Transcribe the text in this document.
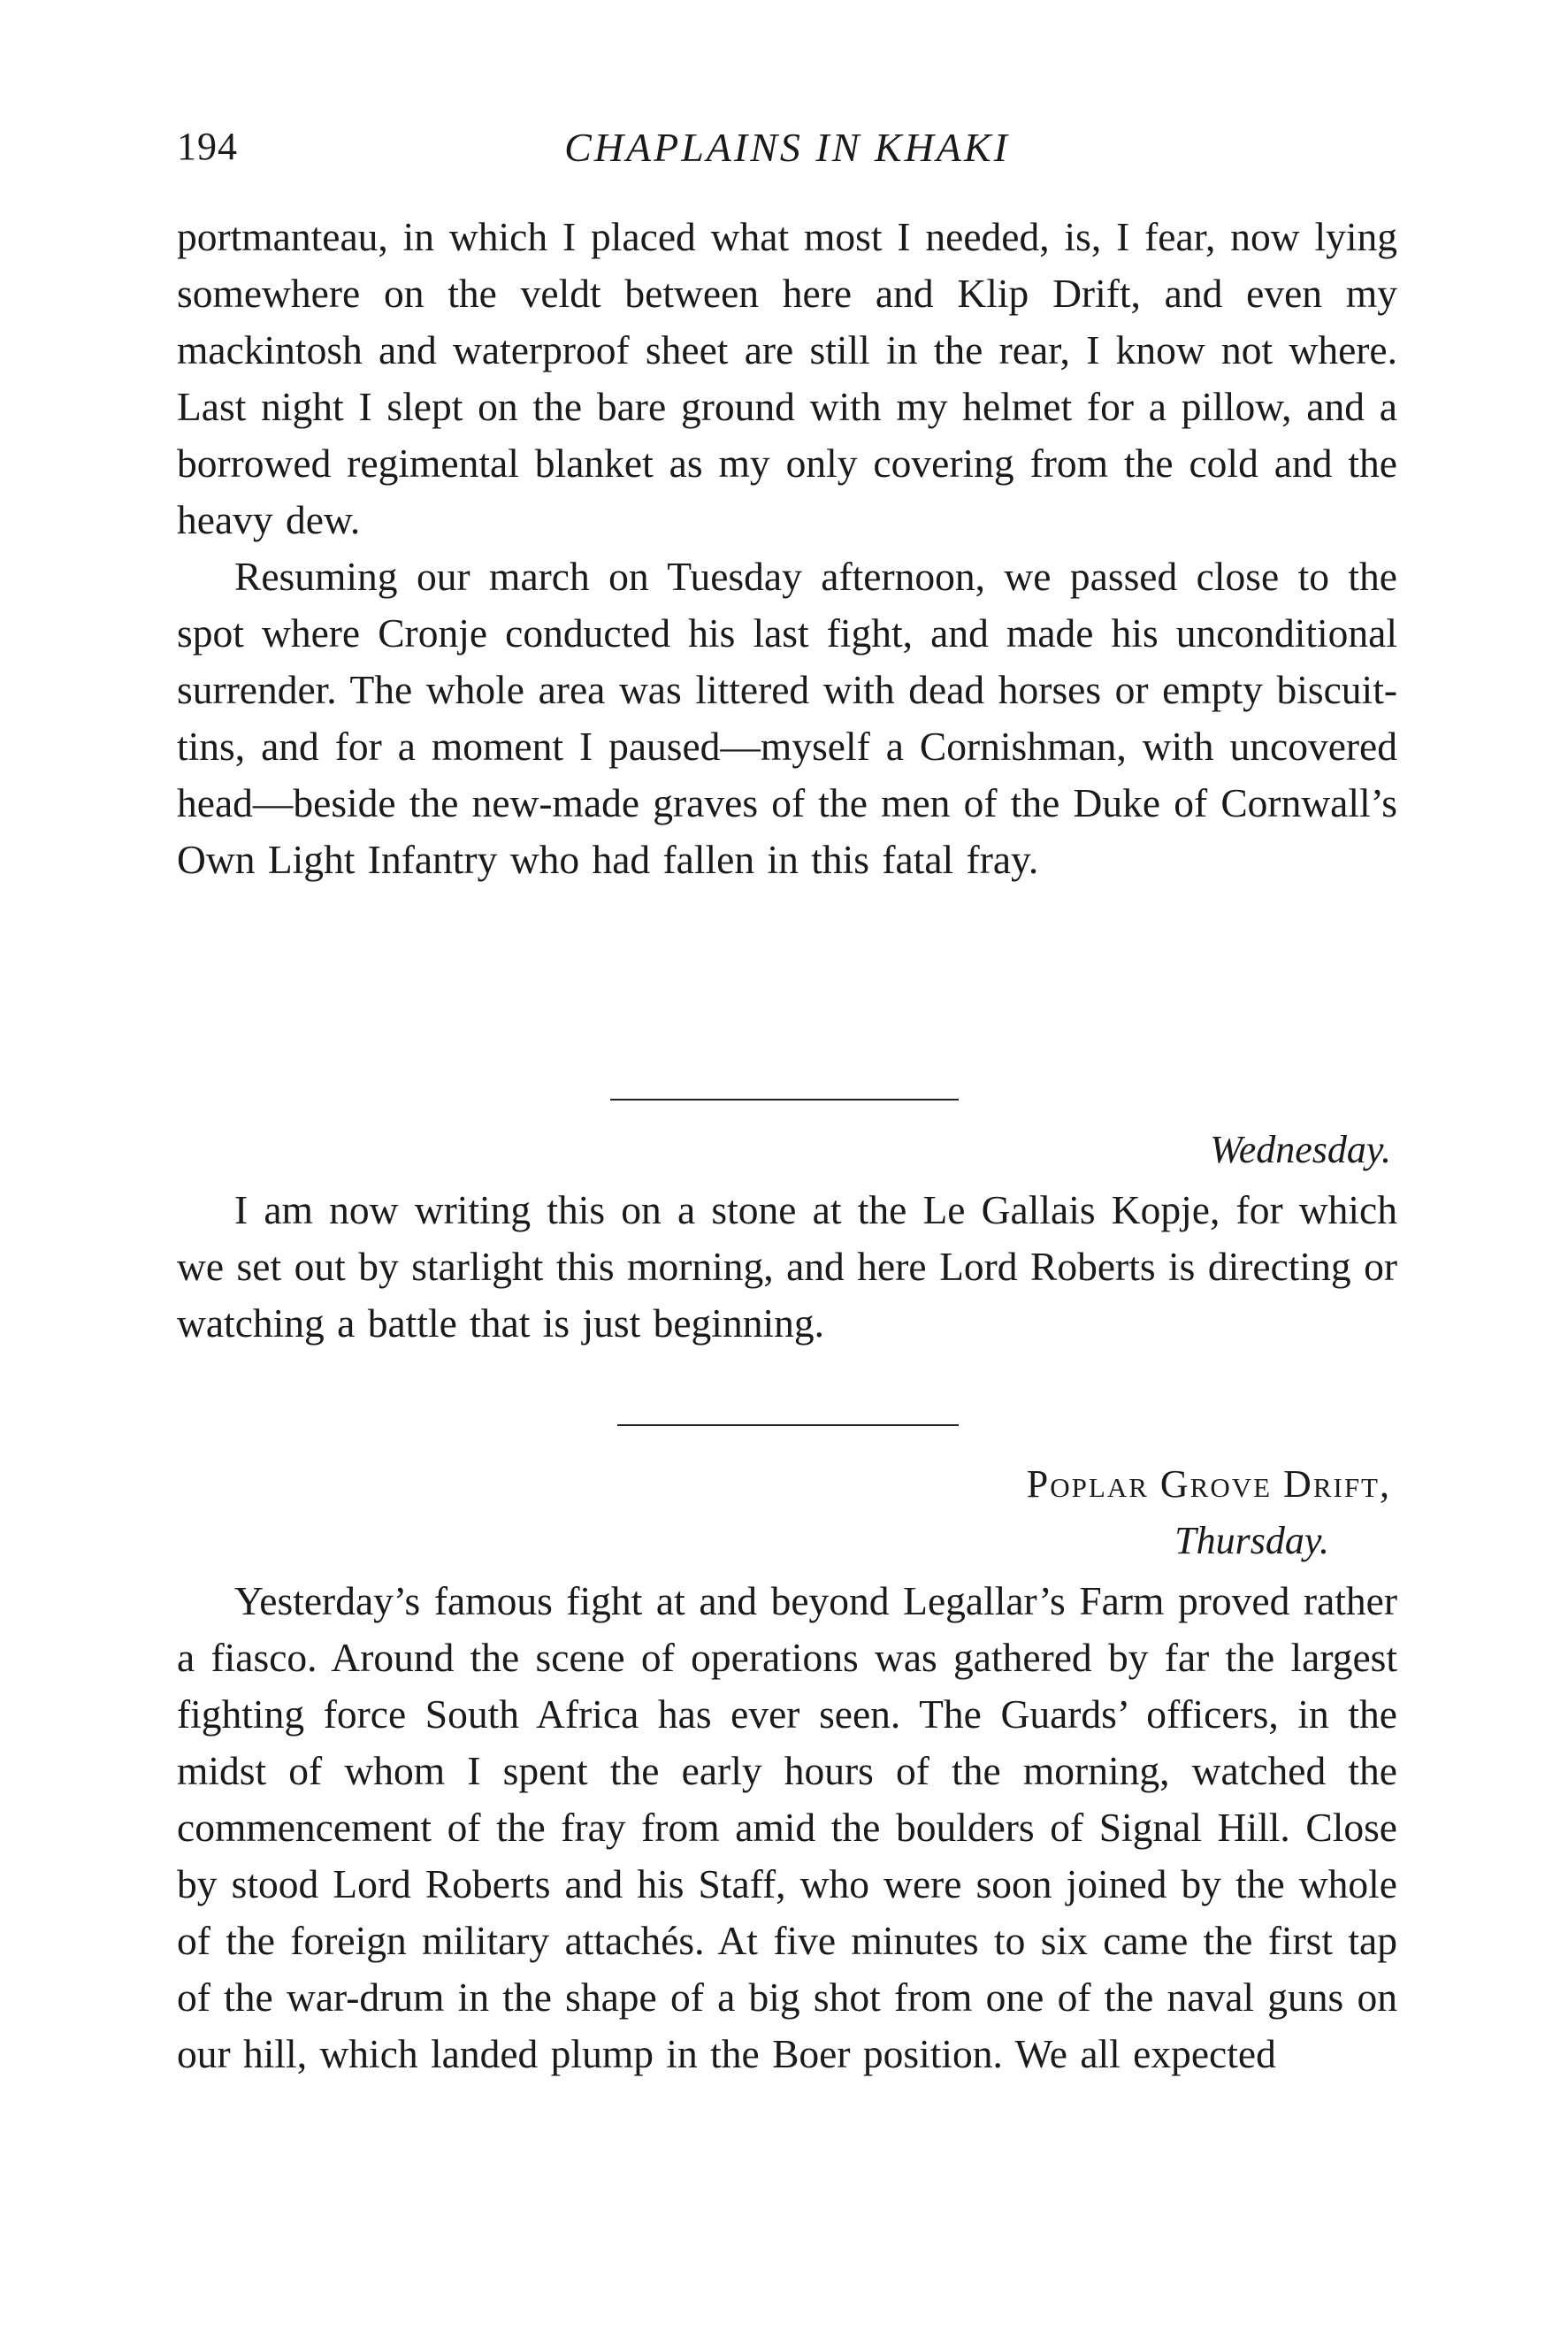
194	CHAPLAINS IN KHAKI

portmanteau, in which I placed what most I needed, is, I fear, now lying somewhere on the veldt between here and Klip Drift, and even my mackintosh and waterproof sheet are still in the rear, I know not where. Last night I slept on the bare ground with my helmet for a pillow, and a borrowed regimental blanket as my only covering from the cold and the heavy dew.

Resuming our march on Tuesday afternoon, we passed close to the spot where Cronje conducted his last fight, and made his unconditional surrender. The whole area was littered with dead horses or empty biscuit-tins, and for a moment I paused—myself a Cornishman, with uncovered head—beside the new-made graves of the men of the Duke of Cornwall’s Own Light Infantry who had fallen in this fatal fray.

Wednesday.

I am now writing this on a stone at the Le Gallais Kopje, for which we set out by starlight this morning, and here Lord Roberts is directing or watching a battle that is just beginning.

Poplar Grove Drift,
Thursday.

Yesterday’s famous fight at and beyond Legallar’s Farm proved rather a fiasco. Around the scene of operations was gathered by far the largest fighting force South Africa has ever seen. The Guards’ officers, in the midst of whom I spent the early hours of the morning, watched the commencement of the fray from amid the boulders of Signal Hill. Close by stood Lord Roberts and his Staff, who were soon joined by the whole of the foreign military attachés. At five minutes to six came the first tap of the war-drum in the shape of a big shot from one of the naval guns on our hill, which landed plump in the Boer position. We all expected
